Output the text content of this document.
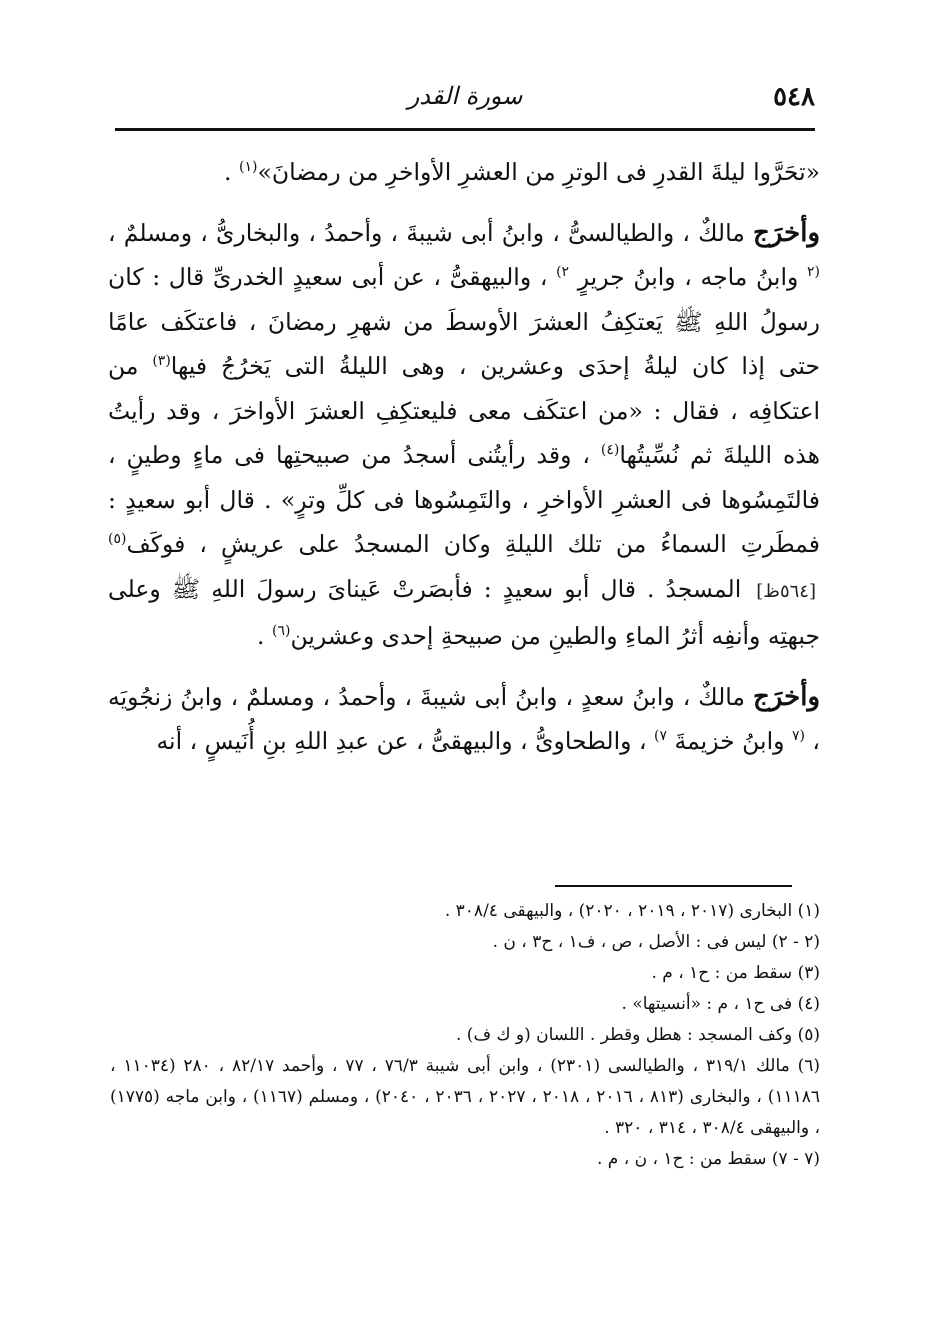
٥٤٨
سورة القدر

«تحَرَّوا ليلةَ القدرِ فى الوترِ من العشرِ الأواخرِ من رمضانَ»$^{(١)}$ .

وأخرَج مالكٌ ، والطيالسىُّ ، وابنُ أبى شيبةَ ، وأحمدُ ، والبخارىُّ ، ومسلمٌ ، $^{(٢}$ وابنُ ماجه ، وابنُ جريرٍ $^{٢)}$ ، والبيهقىُّ ، عن أبى سعيدٍ الخدرىِّ قال : كان رسولُ اللهِ ﷺ يَعتكِفُ العشرَ الأوسطَ من شهرِ رمضانَ ، فاعتكَف عامًا حتى إذا كان ليلةُ إحدَى وعشرين ، وهى الليلةُ التى يَخرُجُ فيها$^{(٣)}$ من اعتكافِه ، فقال : «من اعتكَف معى فليعتكِفِ العشرَ الأواخرَ ، وقد رأيتُ هذه الليلةَ ثم نُسِّيتُها$^{(٤)}$ ، وقد رأيتُنى أسجدُ من صبيحتِها فى ماءٍ وطينٍ ، فالتَمِسُوها فى العشرِ الأواخرِ ، والتَمِسُوها فى كلِّ وترٍ» . قال أبو سعيدٍ : فمطَرتِ السماءُ من تلك الليلةِ وكان المسجدُ على عريشٍ ، فوكَف$^{(٥)}$[٥٦٤ظ] المسجدُ . قال أبو سعيدٍ : فأبصَرتْ عَيناىَ رسولَ اللهِ ﷺ وعلى جبهتِه وأنفِه أثرُ الماءِ والطينِ من صبيحةِ إحدى وعشرين$^{(٦)}$ .

وأخرَج مالكٌ ، وابنُ سعدٍ ، وابنُ أبى شيبةَ ، وأحمدُ ، ومسلمٌ ، وابنُ زنجُويَه ، $^{(٧}$ وابنُ خزيمةَ $^{٧)}$ ، والطحاوىُّ ، والبيهقىُّ ، عن عبدِ اللهِ بنِ أُنَيسٍ ، أنه

(١) البخارى (٢٠١٧ ، ٢٠١٩ ، ٢٠٢٠) ، والبيهقى ٣٠٨/٤ .
(٢ - ٢) ليس فى : الأصل ، ص ، ف١ ، ح٣ ، ن .
(٣) سقط من : ح١ ، م .
(٤) فى ح١ ، م : «أنسيتها» .
(٥) وكف المسجد : هطل وقطر . اللسان (و ك ف) .
(٦) مالك ٣١٩/١ ، والطيالسى (٢٣٠١) ، وابن أبى شيبة ٧٦/٣ ، ٧٧ ، وأحمد ٨٢/١٧ ، ٢٨٠ (١١٠٣٤ ، ١١١٨٦) ، والبخارى (٨١٣ ، ٢٠١٦ ، ٢٠١٨ ، ٢٠٢٧ ، ٢٠٣٦ ، ٢٠٤٠) ، ومسلم (١١٦٧) ، وابن ماجه (١٧٧٥) ، والبيهقى ٣٠٨/٤ ، ٣١٤ ، ٣٢٠ .
(٧ - ٧) سقط من : ح١ ، ن ، م .
